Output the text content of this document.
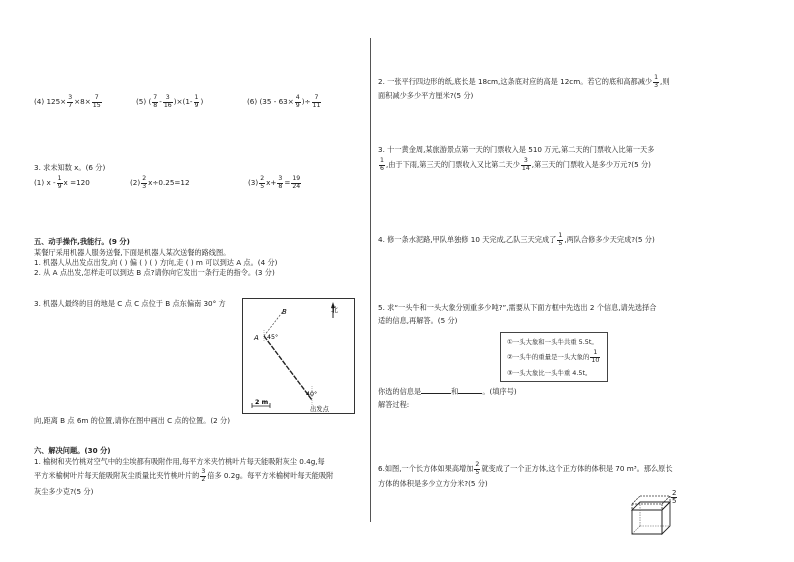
(4) $125\times \frac{3}{7} \times 8\times \frac{7}{15}$	(5) ( $\frac{7}{8} - \frac{3}{16} )\times(1- \frac{1}{9}$ )	(6) ($35 - 63\times \frac{4}{9}$ )÷ $\frac{7}{11}$
3. 求未知数 x。(6 分)
(1) x - $\frac{1}{9}$ x =120	$(2) \frac{2}{3} x\div 0.25=12$	$(3) \frac{2}{5} x+ \frac{3}{8} = \frac{19}{24}$
五、动手操作,我能行。(9 分)
某餐厅采用机器人服务送餐,下面是机器人某次送餐的路线图。
1. 机器人从出发点出发,向 ( ) 偏 ( ) ( ) 方向,走 ( ) m 可以到达 A 点。(4 分)
2. 从 A 点出发,怎样走可以到达 B 点?请你向它发出一条行走的指令。(3 分)
3. 机器人最终的目的地是 C 点 C 点位于 B 点东偏南 30° 方
向,距离 B 点 6m 的位置,请你在图中画出 C 点的位置。(2 分)
北
B
A 45°
40°
出发点
2 m
六、解决问题。(30 分)
1. 榆树和夹竹桃对空气中的尘埃都有吸附作用,每平方米夹竹桃叶片每天能吸附灰尘 0.4g,每
平方米榆树叶片每天能吸附灰尘质量比夹竹桃叶片的 $\frac{3}{2}$ 倍多 0.2g。每平方米榆树叶每天能吸附
灰尘多少克?(5 分)
2. 一张平行四边形的纸,底长是 18cm,这条底对应的高是 12cm。若它的底和高都减少 $\frac{1}{3}$ ,则
面积减少多少平方厘米?(5 分)
3. 十一黄金周,某旅游景点第一天的门票收入是 510 万元,第二天的门票收入比第一天多
$\frac{1}{6}$ ,由于下雨,第三天的门票收入又比第二天少 $\frac{3}{14}$ ,第三天的门票收入是多少万元?(5 分)
4. 修一条水泥路,甲队单独修 10 天完成,乙队三天完成了 $\frac{1}{5}$ ,两队合修多少天完成?(5 分)
5. 求“一头牛和一头大象分别重多少吨?”,需要从下面方框中先选出 2 个信息,请先选择合
适的信息,再解答。(5 分)
①一头大象和一头牛共重 5.5t。
②一头牛的重量是一头大象的 $\frac{1}{10}$
③一头大象比一头牛重 4.5t。
你选的信息是	和	。(填序号)
解答过程:
6.如图,一个长方体如果高增加 $\frac{2}{5}$ 就变成了一个正方体,这个正方体的体积是 70 m³。那么原长
方体的体积是多少立方分米?(5 分)
$\frac{2}{5}$
